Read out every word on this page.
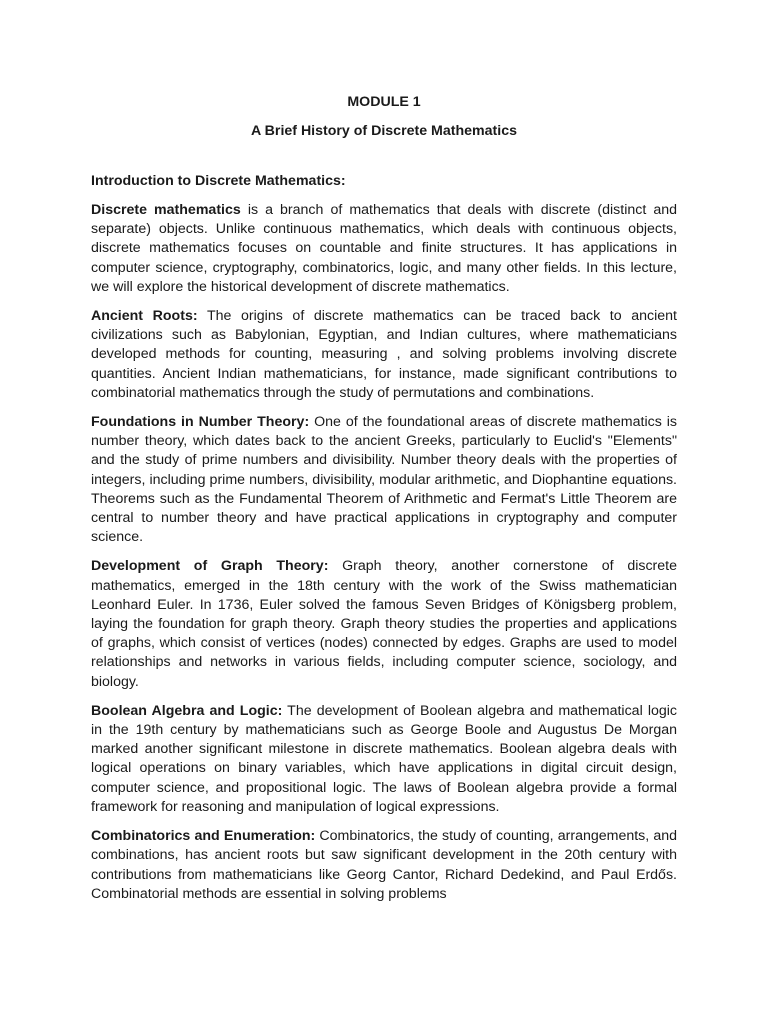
MODULE 1

A Brief History of Discrete Mathematics

Introduction to Discrete Mathematics:

Discrete mathematics is a branch of mathematics that deals with discrete (distinct and separate) objects. Unlike continuous mathematics, which deals with continuous objects, discrete mathematics focuses on countable and finite structures. It has applications in computer science, cryptography, combinatorics, logic, and many other fields. In this lecture, we will explore the historical development of discrete mathematics.

Ancient Roots: The origins of discrete mathematics can be traced back to ancient civilizations such as Babylonian, Egyptian, and Indian cultures, where mathematicians developed methods for counting, measuring , and solving problems involving discrete quantities. Ancient Indian mathematicians, for instance, made significant contributions to combinatorial mathematics through the study of permutations and combinations.

Foundations in Number Theory: One of the foundational areas of discrete mathematics is number theory, which dates back to the ancient Greeks, particularly to Euclid's "Elements" and the study of prime numbers and divisibility. Number theory deals with the properties of integers, including prime numbers, divisibility, modular arithmetic, and Diophantine equations. Theorems such as the Fundamental Theorem of Arithmetic and Fermat's Little Theorem are central to number theory and have practical applications in cryptography and computer science.

Development of Graph Theory: Graph theory, another cornerstone of discrete mathematics, emerged in the 18th century with the work of the Swiss mathematician Leonhard Euler. In 1736, Euler solved the famous Seven Bridges of Königsberg problem, laying the foundation for graph theory. Graph theory studies the properties and applications of graphs, which consist of vertices (nodes) connected by edges. Graphs are used to model relationships and networks in various fields, including computer science, sociology, and biology.

Boolean Algebra and Logic: The development of Boolean algebra and mathematical logic in the 19th century by mathematicians such as George Boole and Augustus De Morgan marked another significant milestone in discrete mathematics. Boolean algebra deals with logical operations on binary variables, which have applications in digital circuit design, computer science, and propositional logic. The laws of Boolean algebra provide a formal framework for reasoning and manipulation of logical expressions.

Combinatorics and Enumeration: Combinatorics, the study of counting, arrangements, and combinations, has ancient roots but saw significant development in the 20th century with contributions from mathematicians like Georg Cantor, Richard Dedekind, and Paul Erdős. Combinatorial methods are essential in solving problems
